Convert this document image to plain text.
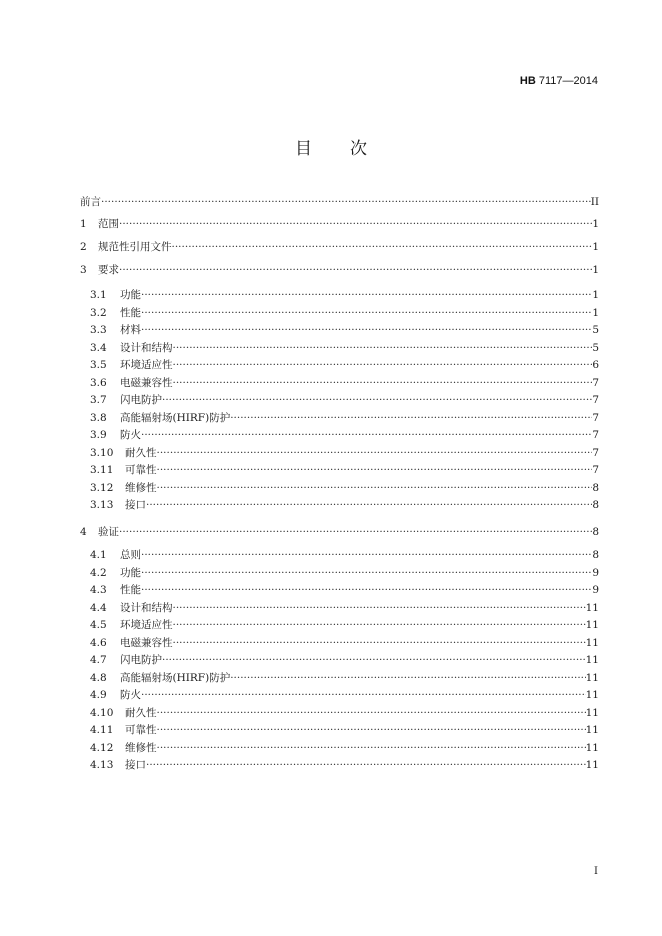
HB 7117—2014
目次
前言 ·····	II
1	范围 ·····	1
2	规范性引用文件 ·····	1
3	要求 ·····	1
3.1	功能 ·····	1
3.2	性能 ·····	1
3.3	材料 ·····	5
3.4	设计和结构 ·····	5
3.5	环境适应性 ·····	6
3.6	电磁兼容性 ·····	7
3.7	闪电防护 ·····	7
3.8	高能辐射场(HIRF)防护 ·····	7
3.9	防火 ·····	7
3.10	耐久性 ·····	7
3.11	可靠性 ·····	7
3.12	维修性 ·····	8
3.13	接口 ·····	8
4	验证 ·····	8
4.1	总则 ·····	8
4.2	功能 ·····	9
4.3	性能 ·····	9
4.4	设计和结构 ·····	11
4.5	环境适应性 ·····	11
4.6	电磁兼容性 ·····	11
4.7	闪电防护 ·····	11
4.8	高能辐射场(HIRF)防护 ·····	11
4.9	防火 ·····	11
4.10	耐久性 ·····	11
4.11	可靠性 ·····	11
4.12	维修性 ·····	11
4.13	接口 ·····	11
I
